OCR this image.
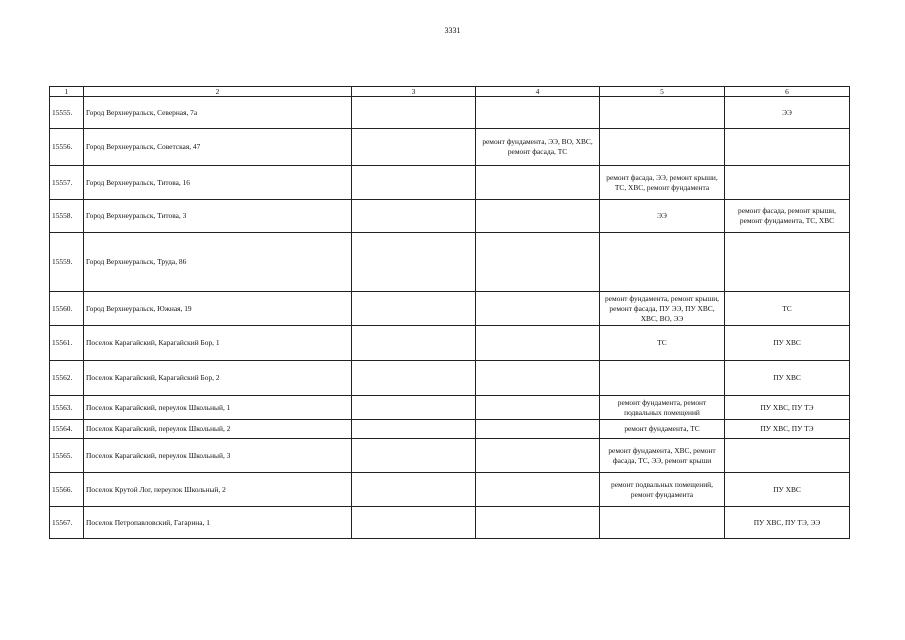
3331
1	2	3	4	5	6
15555.	Город Верхнеуральск, Северная, 7а				ЭЭ
15556.	Город Верхнеуральск, Советская, 47		ремонт фундамента, ЭЭ, ВО, ХВС, ремонт фасада, ТС		
15557.	Город Верхнеуральск, Титова, 16			ремонт фасада, ЭЭ, ремонт крыши, ТС, ХВС, ремонт фундамента	
15558.	Город Верхнеуральск, Титова, 3			ЭЭ	ремонт фасада, ремонт крыши, ремонт фундамента, ТС, ХВС
15559.	Город Верхнеуральск, Труда, 86				
15560.	Город Верхнеуральск, Южная, 19			ремонт фундамента, ремонт крыши, ремонт фасада, ПУ ЭЭ, ПУ ХВС, ХВС, ВО, ЭЭ	ТС
15561.	Поселок Карагайский, Карагайский Бор, 1			ТС	ПУ ХВС
15562.	Поселок Карагайский, Карагайский Бор, 2				ПУ ХВС
15563.	Поселок Карагайский, переулок Школьный, 1			ремонт фундамента, ремонт подвальных помещений	ПУ ХВС, ПУ ТЭ
15564.	Поселок Карагайский, переулок Школьный, 2			ремонт фундамента, ТС	ПУ ХВС, ПУ ТЭ
15565.	Поселок Карагайский, переулок Школьный, 3			ремонт фундамента, ХВС, ремонт фасада, ТС, ЭЭ, ремонт крыши	
15566.	Поселок Крутой Лог, переулок Школьный, 2			ремонт подвальных помещений, ремонт фундамента	ПУ ХВС
15567.	Поселок Петропавловский, Гагарина, 1				ПУ ХВС, ПУ ТЭ, ЭЭ
